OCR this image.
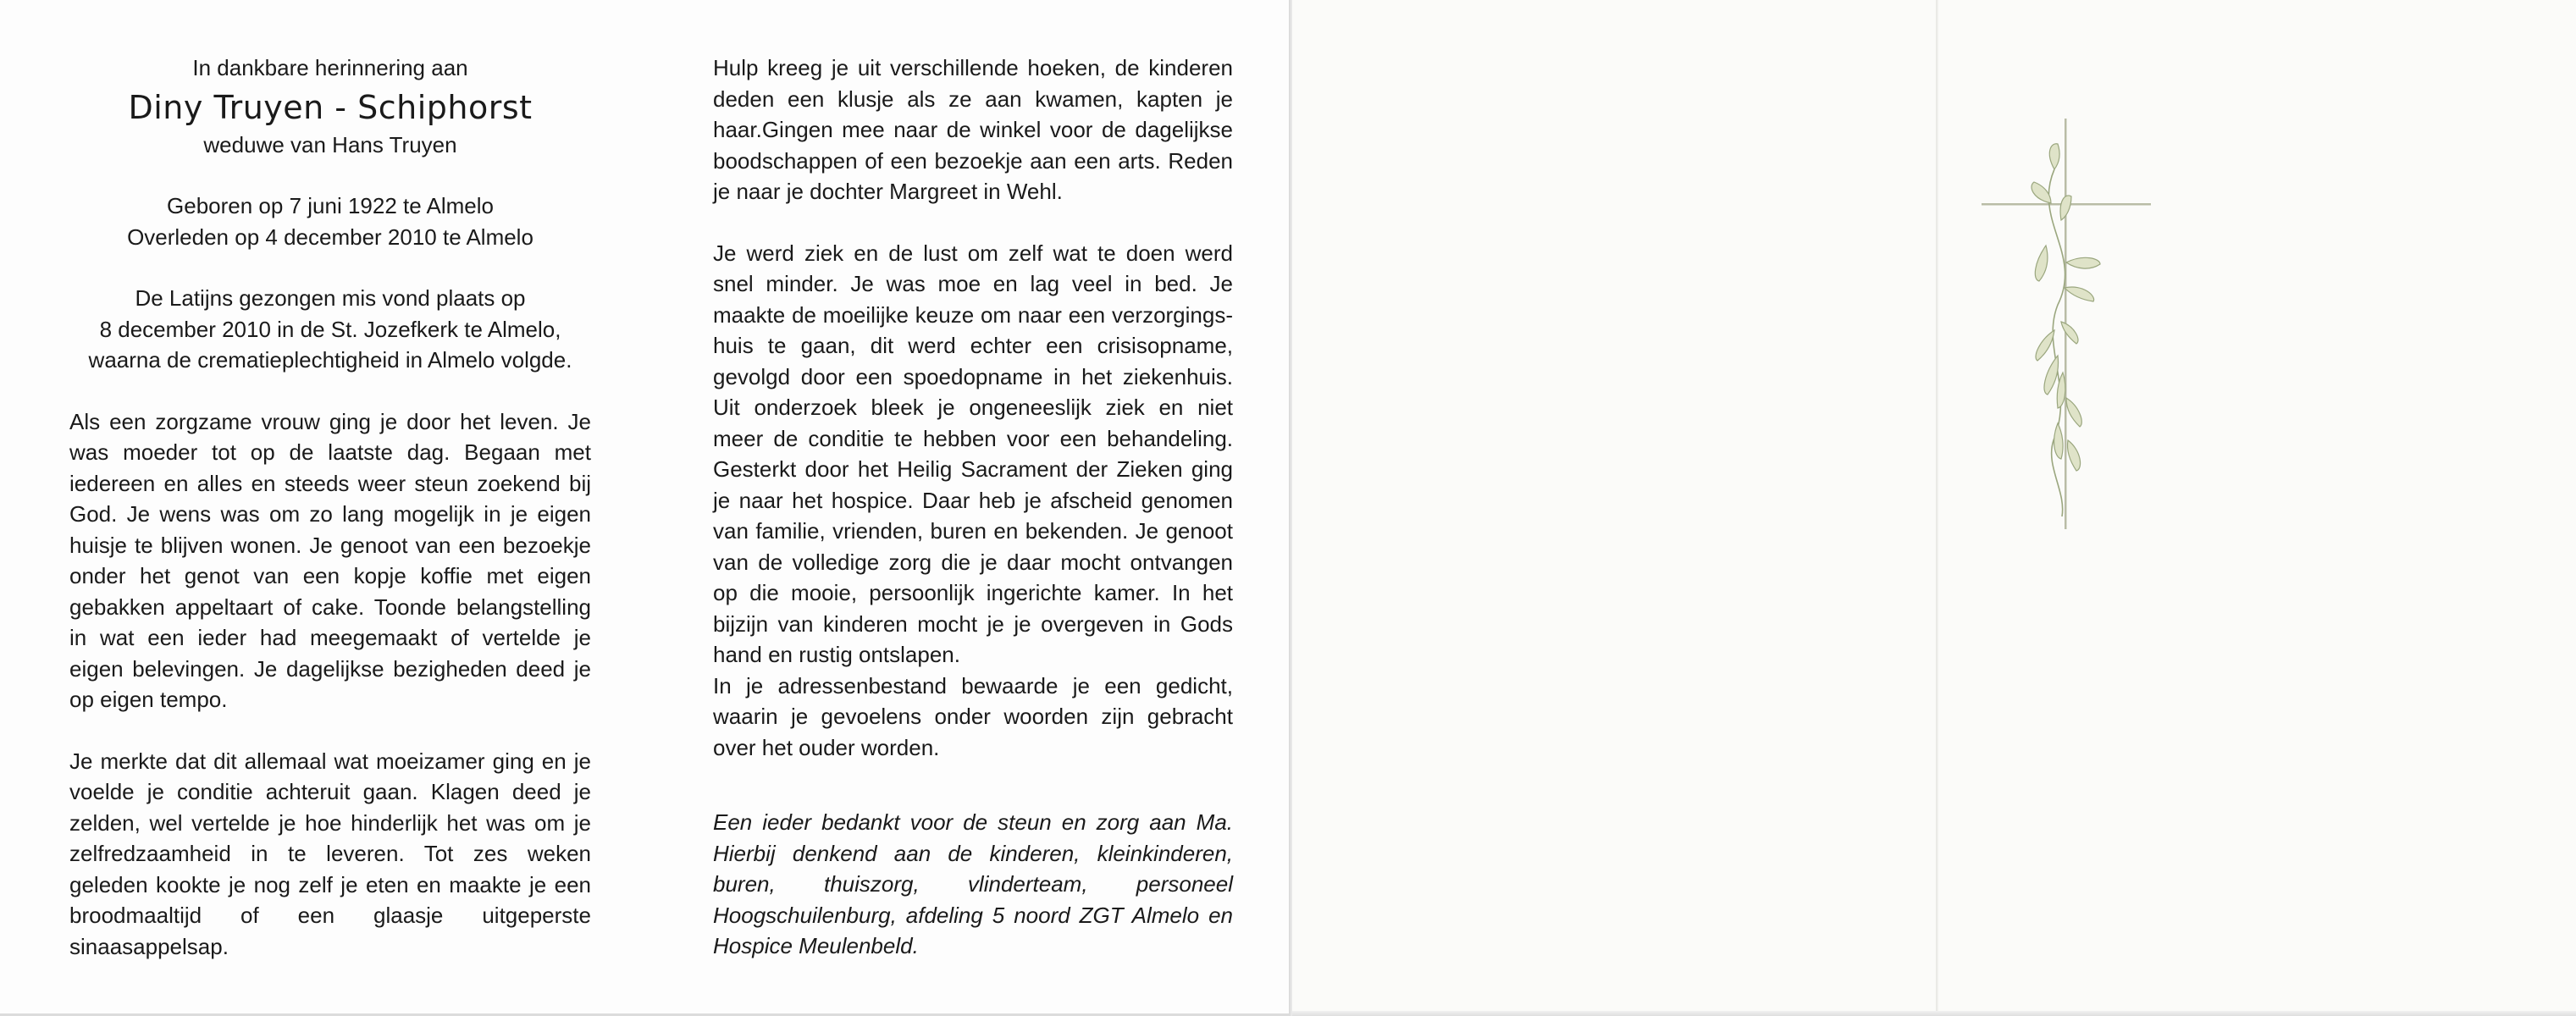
In dankbare herinnering aan
Diny Truyen - Schiphorst
weduwe van Hans Truyen
Geboren op 7 juni 1922 te Almelo
Overleden op 4 december 2010 te Almelo
De Latijns gezongen mis vond plaats op
8 december 2010 in de St. Jozefkerk te Almelo,
waarna de crematieplechtigheid in Almelo volgde.

Als een zorgzame vrouw ging je door het leven. Je was moeder tot op de laatste dag. Begaan met iedereen en alles en steeds weer steun zoekend bij God. Je wens was om zo lang mogelijk in je eigen huisje te blijven wonen. Je genoot van een bezoekje onder het genot van een kopje koffie met eigen gebakken appeltaart of cake. Toonde belangstelling in wat een ieder had meegemaakt of vertelde je eigen belevingen. Je dagelijkse bezigheden deed je op eigen tempo.

Je merkte dat dit allemaal wat moeizamer ging en je voelde je conditie achteruit gaan. Klagen deed je zelden, wel vertelde je hoe hinderlijk het was om je zelfredzaamheid in te leveren. Tot zes weken geleden kookte je nog zelf je eten en maakte je een broodmaaltijd of een glaasje uitgeperste sinaasappelsap.

Hulp kreeg je uit verschillende hoeken, de kinderen deden een klusje als ze aan kwamen, kapten je haar.Gingen mee naar de winkel voor de dagelijkse boodschappen of een bezoekje aan een arts. Reden je naar je dochter Margreet in Wehl.

Je werd ziek en de lust om zelf wat te doen werd snel minder. Je was moe en lag veel in bed. Je maakte de moeilijke keuze om naar een verzorgings-huis te gaan, dit werd echter een crisisopname, gevolgd door een spoedopname in het ziekenhuis. Uit onderzoek bleek je ongeneeslijk ziek en niet meer de conditie te hebben voor een behandeling. Gesterkt door het Heilig Sacrament der Zieken ging je naar het hospice. Daar heb je afscheid genomen van familie, vrienden, buren en bekenden. Je genoot van de volledige zorg die je daar mocht ontvangen op die mooie, persoonlijk ingerichte kamer. In het bijzijn van kinderen mocht je je overgeven in Gods hand en rustig ontslapen.

In je adressenbestand bewaarde je een gedicht, waarin je gevoelens onder woorden zijn gebracht over het ouder worden.

Een ieder bedankt voor de steun en zorg aan Ma. Hierbij denkend aan de kinderen, kleinkinderen, buren, thuiszorg, vlinderteam, personeel Hoogschuilenburg, afdeling 5 noord ZGT Almelo en Hospice Meulenbeld.
